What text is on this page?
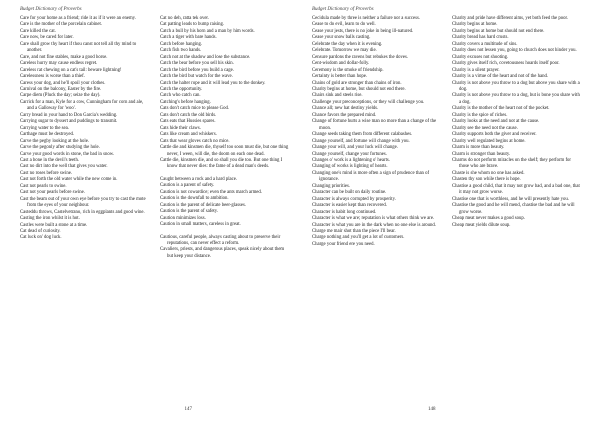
Budget Dictionary of Proverbs

Care for your home as a friend; ride it as if it were an enemy.

Care is the mother of the porcelain cabinet.

Care killed the cat.

Care now, be cared for later.

Care shall grow thy heart if thou canst not tell all thy mind to another.

Care, and not fine stables, make a good horse.

Careless hurry may cause endless regret.

Careless rat chewing on a cat's tail: beware lightning!

Carelessness is worse than a thief.

Caress your dog, and he'll spoil your clothes.

Carnival on the balcony, Easter by the fire.

Carpe diem (Pluck the day; seize the day).

Carrick for a man, Kyle for a cow, Cunningham for corn and ale, and a Galloway for 'woo'.

Carry bread in your hand to Don Garcia's wedding.

Carrying sugar to dyssert and puddings to transmit.

Carrying water to the sea.

Carthage must be destroyed.

Carve the pegby looking at the hole.

Carve the pegonly after studying the hole.

Carve your good words in stone, the bad in snow.

Cast a bone in the devil's teeth.

Cast no dirt into the well that gives you water.

Cast no roses before swine.

Cast not forth the old water while the new come in.

Cast not pearls to swine.

Cast not your pearls before swine.

Cast the beam out of your own eye before you try to cast the mote from the eyes of your neighbour.

Casteddu throws, Castelvetrano, rich in eggplants and good wine.

Casting the iron whilst it is hot.

Castles were built a stone at a time.

Cat dead of curiosity.

Cat luck on' dog luck.

Cat no deh, ratta tek over.

Cat patting leads to bump raising.

Catch a bull by his horn and a man by him words.

Catch a tiger with bare hands.

Catch before hanging.

Catch fish two hands.

Catch not at the shadow and lose the substance.

Catch the bear before you sell his skin.

Catch the bird before you build a cage.

Catch the bird but watch for the wave.

Catch the halter rope and it will lead you to the donkey.

Catch the opportunity.

Catch who catch can.

Catching's before hanging.

Cats don't catch mice to please God.

Cats don't catch the old birds.

Cats eats that Hussies spares.

Cats hide their claws.

Cats like cream and whiskers.

Cats that wear gloves catch no mice.

Cattle die and kinsmen die, thyself too soon must die, but one thing never, I ween, will die, the doom on each one dead.

Cattle die, kinsmen die, and so shall you die too. But one thing I know that never dies: the fame of a dead man's deeds.

Caught between a rock and a hard place.

Caution is a parent of safety.

Caution is not cowardice; even the ants march armed.

Caution is the downfall to ambition.

Caution is the parent of delicate beer-glasses.

Caution is the parent of safety.

Caution minimizes loss.

Caution in small matters, careless in great.

Cautious, careful people, always casting about to preserve their reputations, can never effect a reform.

Cavaliers, priests, and dangerous places, speak nicely about them but keep your distance.

147
Budget Dictionary of Proverbs

Cecidula made by three is neither a failure nor a success.

Cease to do evil, learn to do well.

Cease your jests, there is no joke in being ill-natured.

Cease your snow balls casting.

Celebrate the day when it is evening.

Celebrate. Tomorrow we may die.

Censure pardons the ravens but rebukes the doves.

Cent-wisdom and dollar-folly.

Ceremony is the smoke of friendship.

Certainty is better than hope.

Chains of gold are stronger than chains of iron.

Charity begins at home, but should not end there.

Chairs sink and steels rise.

Challenge your preconceptions, or they will challenge you.

Chance all; new hat destiny yields.

Chance favors the prepared mind.

Change of fortune hurts a wise man no more than a change of the moon.

Change seeds taking them from different calabashes.

Change yourself, and fortune will change with you.

Change your will, and your luck will change.

Change yourself, change your fortunes.

Changes o' work is a lightening o' hearts.

Changing of works is lighting of hearts.

Changing one's mind is more often a sign of prudence than of ignorance.

Changing priorities.

Character can be built on daily routine.

Character is always corrupted by prosperity.

Character is easier kept than recovered.

Character is habit long continued.

Character is what we are; reputation is what others think we are.

Character is what you are in the dark when no one else is around.

Charge me mair shot than the piece I'll bear.

Charge nothing and you'll get a lot of customers.

Charge your friend ere you need.

Charity and pride have different aims, yet both feed the poor.

Charity begins at home.

Charity begins at home but should not end there.

Charity bread has hard crusts.

Charity covers a multitude of sins.

Charity does not lessen you, going to church does not hinder you.

Charity excuses not shooting.

Charity gives itself rich, covetousness hoards itself poor.

Charity is a silent prayer.

Charity is a virtue of the heart and not of the hand.

Charity is not above you throw to a dog but above you share with a dog.

Charity is not above you throw to a dog, but is bone you share with a dog.

Charity is the mother of the heart not of the pocket.

Charity is the spice of riches.

Charity looks at the need and not at the cause.

Charity see the need not the cause.

Charity supports both the giver and receiver.

Charity well regulated begins at home.

Charm is more than beauty.

Charm is stronger than beauty.

Charms do not perform miracles on the shelf; they perform for those who are brave.

Chaste is she whom no one has asked.

Chasten thy son while there is hope.

Chastise a good child, that it may not grow bad, and a bad one, that it may not grow worse.

Chastise one that is worthless, and he will presently hate you.

Chastise the good and he will mend, chastise the bad and he will grow worse.

Cheap meat never makes a good soup.

Cheap meat yields dilute soup.

148
